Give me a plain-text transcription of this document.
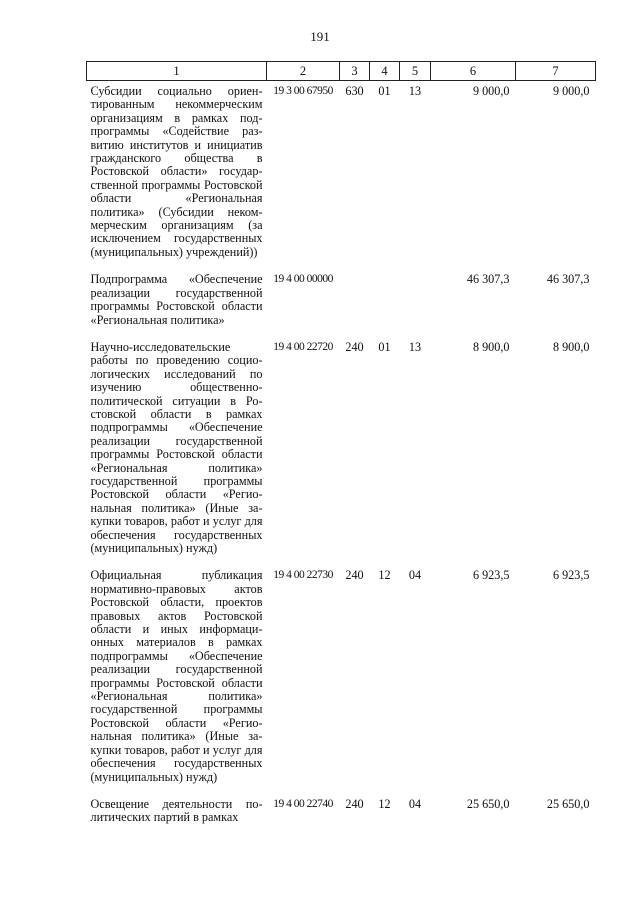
191
1	2	3	4	5	6	7
Субсидии социально ориентированным некоммерческим организациям в рамках подпрограммы «Содействие развитию институтов и инициатив гражданского общества в Ростовской области» государственной программы Ростовской области «Региональная политика» (Субсидии некоммерческим организациям (за исключением государственных (муниципальных) учреждений))	19 3 00 67950	630	01	13	9 000,0	9 000,0
Подпрограмма «Обеспечение реализации государственной программы Ростовской области «Региональная политика»	19 4 00 00000				46 307,3	46 307,3
Научно-исследовательские работы по проведению социологических исследований по изучению общественно-политической ситуации в Ростовской области в рамках подпрограммы «Обеспечение реализации государственной программы Ростовской области «Региональная политика» государственной программы Ростовской области «Региональная политика» (Иные закупки товаров, работ и услуг для обеспечения государственных (муниципальных) нужд)	19 4 00 22720	240	01	13	8 900,0	8 900,0
Официальная публикация нормативно-правовых актов Ростовской области, проектов правовых актов Ростовской области и иных информационных материалов в рамках подпрограммы «Обеспечение реализации государственной программы Ростовской области «Региональная политика» государственной программы Ростовской области «Региональная политика» (Иные закупки товаров, работ и услуг для обеспечения государственных (муниципальных) нужд)	19 4 00 22730	240	12	04	6 923,5	6 923,5
Освещение деятельности политических партий в рамках	19 4 00 22740	240	12	04	25 650,0	25 650,0
